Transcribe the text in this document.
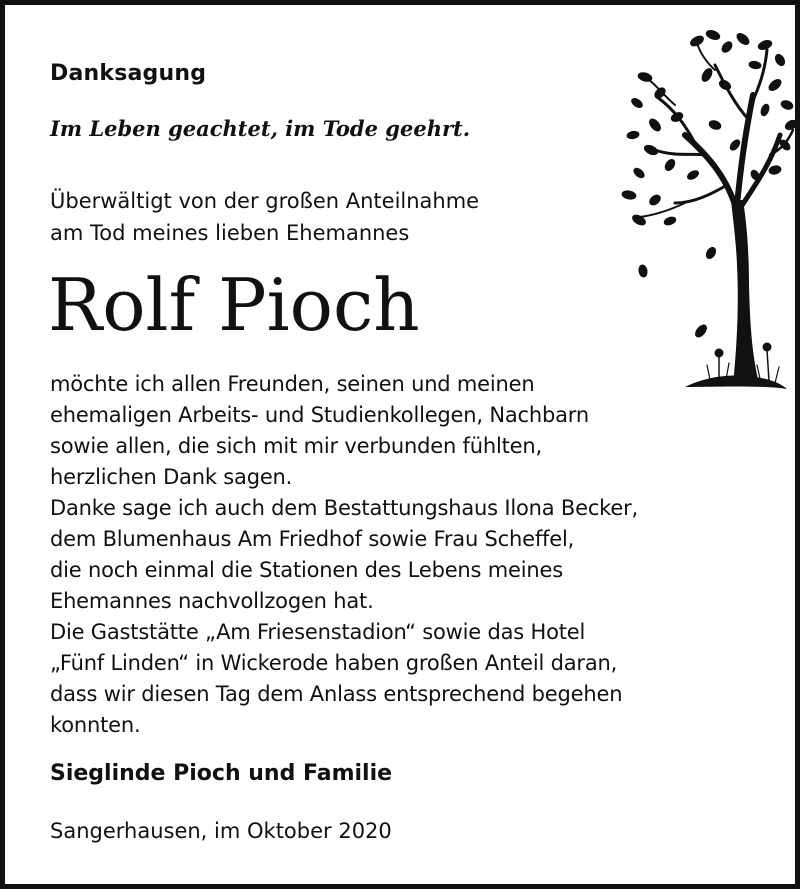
Danksagung
Im Leben geachtet, im Tode geehrt.
Überwältigt von der großen Anteilnahme
am Tod meines lieben Ehemannes
Rolf Pioch
möchte ich allen Freunden, seinen und meinen
ehemaligen Arbeits- und Studienkollegen, Nachbarn
sowie allen, die sich mit mir verbunden fühlten,
herzlichen Dank sagen.
Danke sage ich auch dem Bestattungshaus Ilona Becker,
dem Blumenhaus Am Friedhof sowie Frau Scheffel,
die noch einmal die Stationen des Lebens meines
Ehemannes nachvollzogen hat.
Die Gaststätte „Am Friesenstadion“ sowie das Hotel
„Fünf Linden“ in Wickerode haben großen Anteil daran,
dass wir diesen Tag dem Anlass entsprechend begehen
konnten.
Sieglinde Pioch und Familie
Sangerhausen, im Oktober 2020
